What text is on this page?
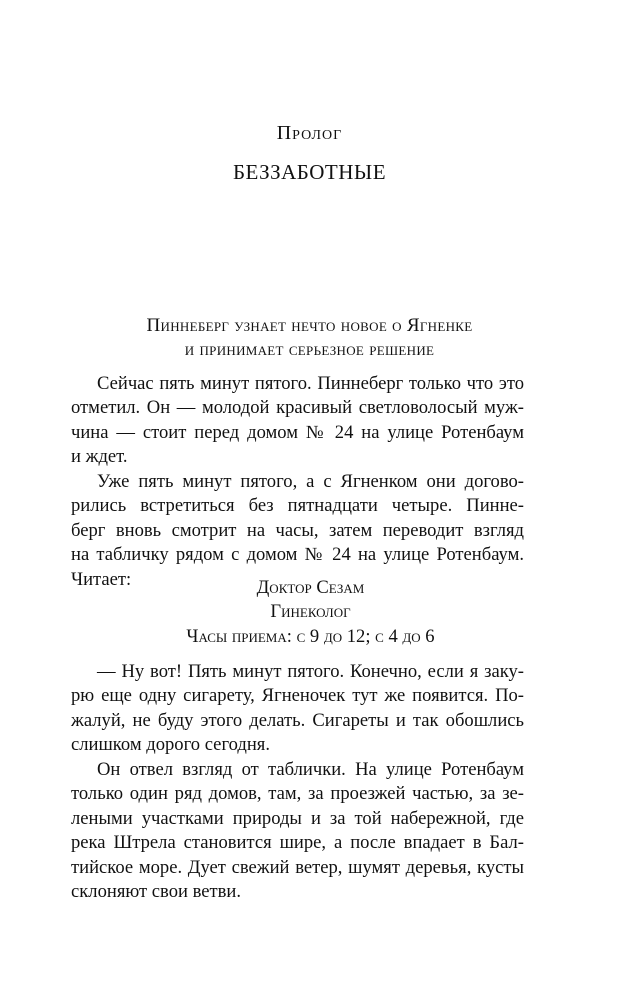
Пролог
БЕЗЗАБОТНЫЕ
Пиннеберг узнает нечто новое о Ягненке
и принимает серьезное решение
Сейчас пять минут пятого. Пиннеберг только что это
отметил. Он — молодой красивый светловолосый муж-
чина — стоит перед домом № 24 на улице Ротенбаум
и ждет.
Уже пять минут пятого, а с Ягненком они догово-
рились встретиться без пятнадцати четыре. Пинне-
берг вновь смотрит на часы, затем переводит взгляд
на табличку рядом с домом № 24 на улице Ротенбаум.
Читает:	Доктор Сезам
Гинеколог
Часы приема: с 9 до 12; с 4 до 6
— Ну вот! Пять минут пятого. Конечно, если я заку-
рю еще одну сигарету, Ягненочек тут же появится. По-
жалуй, не буду этого делать. Сигареты и так обошлись
слишком дорого сегодня.
Он отвел взгляд от таблички. На улице Ротенбаум
только один ряд домов, там, за проезжей частью, за зе-
леными участками природы и за той набережной, где
река Штрела становится шире, а после впадает в Бал-
тийское море. Дует свежий ветер, шумят деревья, кусты
склоняют свои ветви.
